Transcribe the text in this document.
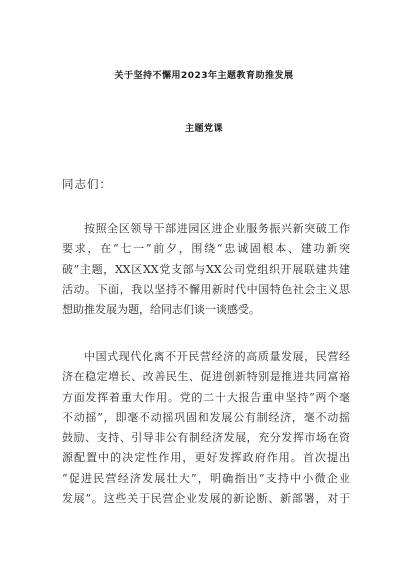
关于坚持不懈用2023年主题教育助推发展
主题党课
同志们：
按照全区领导干部进园区进企业服务振兴新突破工作
要求，在“七一”前夕，围绕“忠诚固根本、建功新突
破”主题，XX区XX党支部与XX公司党组织开展联建共建
活动。下面，我以坚持不懈用新时代中国特色社会主义思
想助推发展为题，给同志们谈一谈感受。
中国式现代化离不开民营经济的高质量发展，民营经
济在稳定增长、改善民生、促进创新特别是推进共同富裕
方面发挥着重大作用。党的二十大报告重申坚持“两个毫
不动摇”，即毫不动摇巩固和发展公有制经济，毫不动摇
鼓励、支持、引导非公有制经济发展，充分发挥市场在资
源配置中的决定性作用，更好发挥政府作用。首次提出
“促进民营经济发展壮大”，明确指出“支持中小微企业
发展”。这些关于民营企业发展的新论断、新部署，对于
